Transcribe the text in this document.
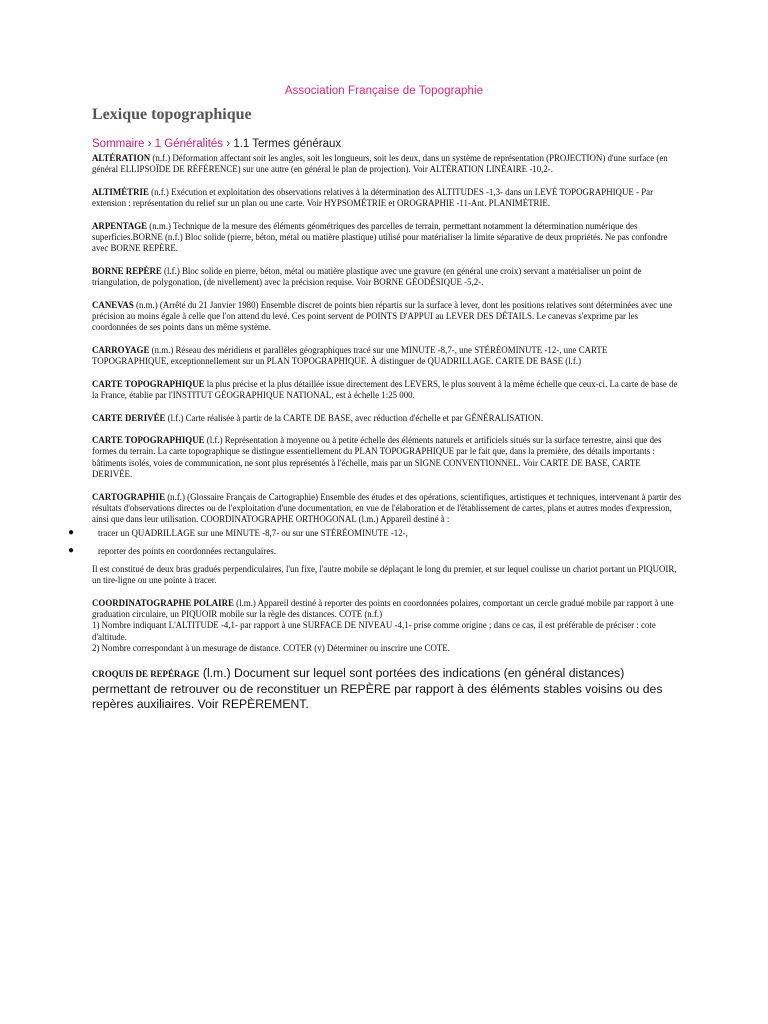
Association Française de Topographie
Lexique topographique
Sommaire › 1 Généralités › 1.1 Termes généraux

ALTÉRATION (n.f.) Déformation affectant soit les angles, soit les longueurs, soit les deux, dans un système de représentation (PROJECTION) d'une surface (en général ELLIPSOÏDE DE RÉFÉRENCE) sur une autre (en général le plan de projection). Voir ALTÉRATION LINÉAIRE -10,2-.

ALTIMÉTRIE (n.f.) Exécution et exploitation des observations relatives à la détermination des ALTITUDES -1,3- dans un LEVÉ TOPOGRAPHIQUE - Par extension : représentation du relief sur un plan ou une carte. Voir HYPSOMÉTRIE et OROGRAPHIE -11-Ant. PLANIMÉTRIE.

ARPENTAGE (n.m.) Technique de la mesure des éléments géométriques des parcelles de terrain, permettant notamment la détermination numérique des superficies.BORNE (n.f.) Bloc solide (pierre, béton, métal ou matière plastique) utilisé pour matérialiser la limite séparative de deux propriétés. Ne pas confondre avec BORNE REPÈRE.

BORNE REPÈRE (l.f.) Bloc solide en pierre, béton, métal ou matière plastique avec une gravure (en général une croix) servant a matérialiser un point de triangulation, de polygonation, (de nivellement) avec la précision requise. Voir BORNE GÉODÉSIQUE -5,2-.

CANEVAS (n.m.) (Arrêté du 21 Janvier 1980) Ensemble discret de points bien répartis sur la surface à lever, dont les positions relatives sont déterminées avec une précision au moins égale à celle que l'on attend du levé. Ces point servent de POINTS D'APPUI au LEVER DES DÉTAILS. Le canevas s'exprime par les coordonnées de ses points dans un même système.

CARROYAGE (n.m.) Réseau des méridiens et parallèles géographiques tracé sur une MINUTE -8,7-, une STÉRÉOMINUTE -12-, une CARTE TOPOGRAPHIQUE, exceptionnellement sur un PLAN TOPOGRAPHIQUE. À distinguer de QUADRILLAGE. CARTE DE BASE (l.f.)

CARTE TOPOGRAPHIQUE la plus précise et la plus détaillée issue directement des LEVERS, le plus souvent à la même échelle que ceux-ci. La carte de base de la France, établie par l'INSTITUT GÉOGRAPHIQUE NATIONAL, est à échelle 1:25 000.

CARTE DERIVÉE (l.f.) Carte réalisée à partir de la CARTE DE BASE, avec réduction d'échelle et par GÉNÉRALISATION.

CARTE TOPOGRAPHIQUE (l.f.) Représentation à moyenne ou à petite échelle des éléments naturels et artificiels situés sur la surface terrestre, ainsi que des formes du terrain. La carte topographique se distingue essentiellement du PLAN TOPOGRAPHIQUE par le fait que, dans la première, des détails importants : bâtiments isolés, voies de communication, ne sont plus représentés à l'échelle, mais par un SIGNE CONVENTIONNEL. Voir CARTE DE BASE, CARTE DERIVÉE.

CARTOGRAPHIE (n.f.) (Glossaire Français de Cartographie) Ensemble des études et des opérations, scientifiques, artistiques et techniques, intervenant à partir des résultats d'observations directes ou de l'exploitation d'une documentation, en vue de l'élaboration et de l'établissement de cartes, plans et autres modes d'expression, ainsi que dans leur utilisation. COORDINATOGRAPHE ORTHOGONAL (l.m.) Appareil destiné à :

●	tracer un QUADRILLAGE sur une MINUTE -8,7- ou sur une STÉRÉOMINUTE -12-,
●	reporter des points en coordonnées rectangulaires.

Il est constitué de deux bras gradués perpendiculaires, l'un fixe, l'autre mobile se déplaçant le long du premier, et sur lequel coulisse un chariot portant un PIQUOIR, un tire-ligne ou une pointe à tracer.

COORDINATOGRAPHE POLAIRE (l.m.) Appareil destiné à reporter des points en coordonnées polaires, comportant un cercle gradué mobile par rapport à une graduation circulaire, un PIQUOIR mobile sur la règle des distances. COTE (n.f.)

1) Nombre indiquant L'ALTITUDE -4,1- par rapport à une SURFACE DE NIVEAU -4,1- prise comme origine ; dans ce cas, il est préférable de préciser : cote d'altitude.

2) Nombre correspondant à un mesurage de distance. COTER (v) Déterminer ou inscrire une COTE.

CROQUIS DE REPÉRAGE (l.m.) Document sur lequel sont portées des indications (en général distances) permettant de retrouver ou de reconstituer un REPÈRE par rapport à des éléments stables voisins ou des repères auxiliaires. Voir REPÈREMENT.
